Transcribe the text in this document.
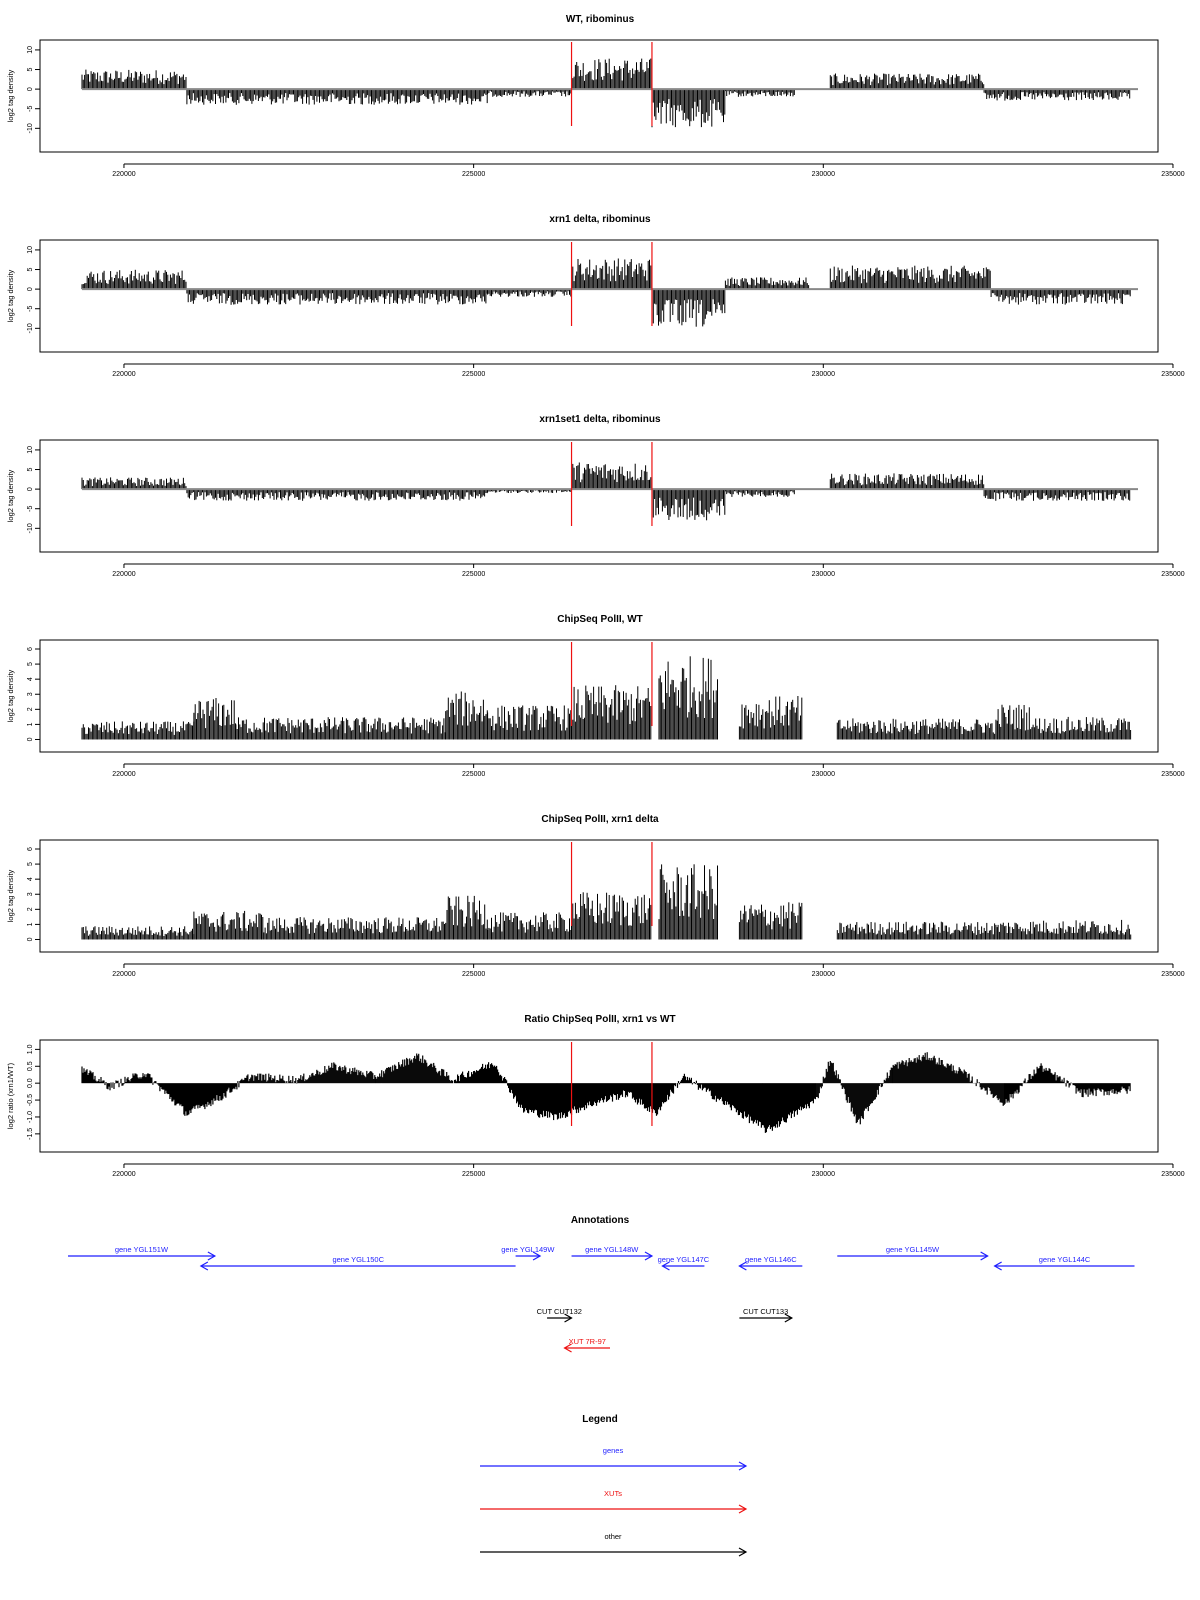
WT, ribominus
-10
-5
0
5
10
log2 tag density
220000	225000	230000	235000
xrn1 delta, ribominus
-10
-5
0
5
10
log2 tag density
220000	225000	230000	235000
xrn1set1 delta, ribominus
-10
-5
0
5
10
log2 tag density
220000	225000	230000	235000
ChipSeq PolII, WT
0
1
2
3
4
5
6
log2 tag density
220000	225000	230000	235000
ChipSeq PolII, xrn1 delta
0
1
2
3
4
5
6
log2 tag density
220000	225000	230000	235000
Ratio ChipSeq PolII, xrn1 vs WT
-1.5
-1.0
-0.5
0.0
0.5
1.0
log2 ratio (xrn1/WT)
220000	225000	230000	235000
Annotations
gene YGL151W
gene YGL150C
gene YGL149W	gene YGL148W
gene YGL147C	gene YGL146C
gene YGL145W
gene YGL144C
CUT CUT132	CUT CUT133
XUT 7R-97
Legend
genes
XUTs
other
